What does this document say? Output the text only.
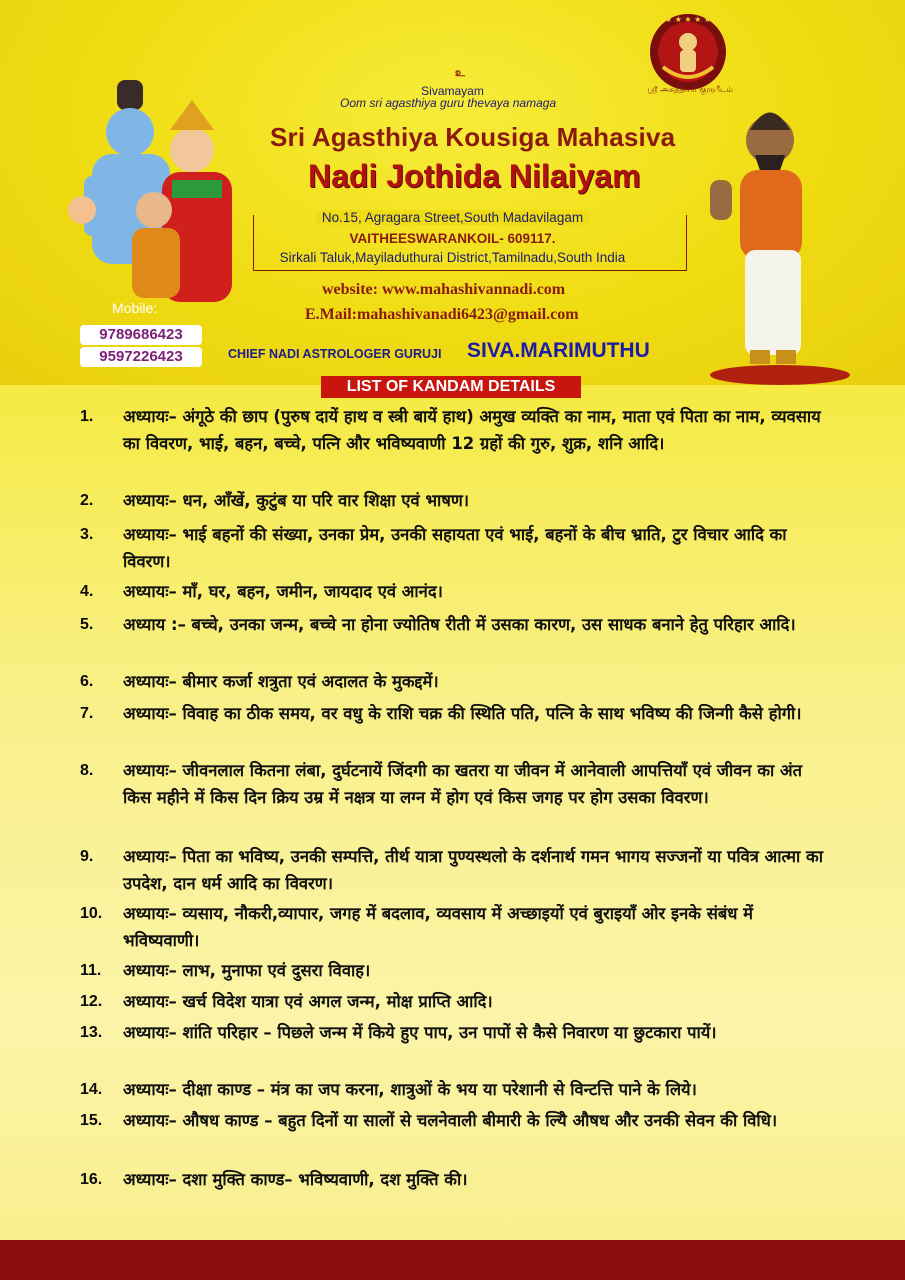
★ ★ ★ ★ ★
ஸ்ரீ அகத்தியர் குருபீடம்
உ
Sivamayam
Oom sri agasthiya guru thevaya namaga
Sri Agasthiya Kousiga Mahasiva
Nadi Jothida Nilaiyam
No.15, Agragara Street,South Madavilagam
VAITHEESWARANKOIL- 609117.
Sirkali Taluk,Mayiladuthurai District,Tamilnadu,South India
website: www.mahashivannadi.com
E.Mail:mahashivanadi6423@gmail.com
Mobile:
9789686423
9597226423	CHIEF NADI ASTROLOGER GURUJI SIVA.MARIMUTHU
LIST OF KANDAM DETAILS
1. अध्यायः– अंगूठे की छाप (पुरुष दायें हाथ व स्त्री बायें हाथ) अमुख व्यक्ति का नाम, माता एवं पिता का नाम, व्यवसाय का विवरण, भाई, बहन, बच्चे, पत्नि और भविष्यवाणी 12 ग्रहों की गुरु, शुक्र, शनि आदि।
2. अध्यायः– धन, आँखें, कुटुंब या परि वार शिक्षा एवं भाषण।
3. अध्यायः– भाई बहनों की संख्या, उनका प्रेम, उनकी सहायता एवं भाई, बहनों के बीच भ्राति, टुर विचार आदि का विवरण।
4. अध्यायः– माँ, घर, बहन, जमीन, जायदाद एवं आनंद।
5. अध्याय :– बच्चे, उनका जन्म, बच्चे ना होना ज्योतिष रीती में उसका कारण, उस साधक बनाने हेतु परिहार आदि।
6. अध्यायः– बीमार कर्जा शत्रुता एवं अदालत के मुकद्दमें।
7. अध्यायः– विवाह का ठीक समय, वर वधु के राशि चक्र की स्थिति पति, पत्नि के साथ भविष्य की जिन्गी कैसे होगी।
8. अध्यायः– जीवनलाल कितना लंबा, दुर्घटनायें जिंदगी का खतरा या जीवन में आनेवाली आपत्तियाँ एवं जीवन का अंत किस महीने में किस दिन क्रिय उम्र में नक्षत्र या लग्न में होग एवं किस जगह पर होग उसका विवरण।
9. अध्यायः– पिता का भविष्य, उनकी सम्पत्ति, तीर्थ यात्रा पुण्यस्थलो के दर्शनार्थ गमन भागय सज्जनों या पवित्र आत्मा का उपदेश, दान धर्म आदि का विवरण।
10. अध्यायः– व्यसाय, नौकरी,व्यापार, जगह में बदलाव, व्यवसाय में अच्छाइयों एवं बुराइयाँ ओर इनके संबंध में भविष्यवाणी।
11. अध्यायः– लाभ, मुनाफा एवं दुसरा विवाह।
12. अध्यायः– खर्च विदेश यात्रा एवं अगल जन्म, मोक्ष प्राप्ति आदि।
13. अध्यायः– शांति परिहार – पिछले जन्म में किये हुए पाप, उन पापों से कैसे निवारण या छुटकारा पायें।
14. अध्यायः– दीक्षा काण्ड – मंत्र का जप करना, शात्रुओं के भय या परेशानी से विन्टत्ति पाने के लिये।
15. अध्यायः– औषध काण्ड – बहुत दिनों या सालों से चलनेवाली बीमारी के ल्यिे औषध और उनकी सेवन की विधि।
16. अध्यायः– दशा मुक्ति काण्ड– भविष्यवाणी, दश मुक्ति की।
